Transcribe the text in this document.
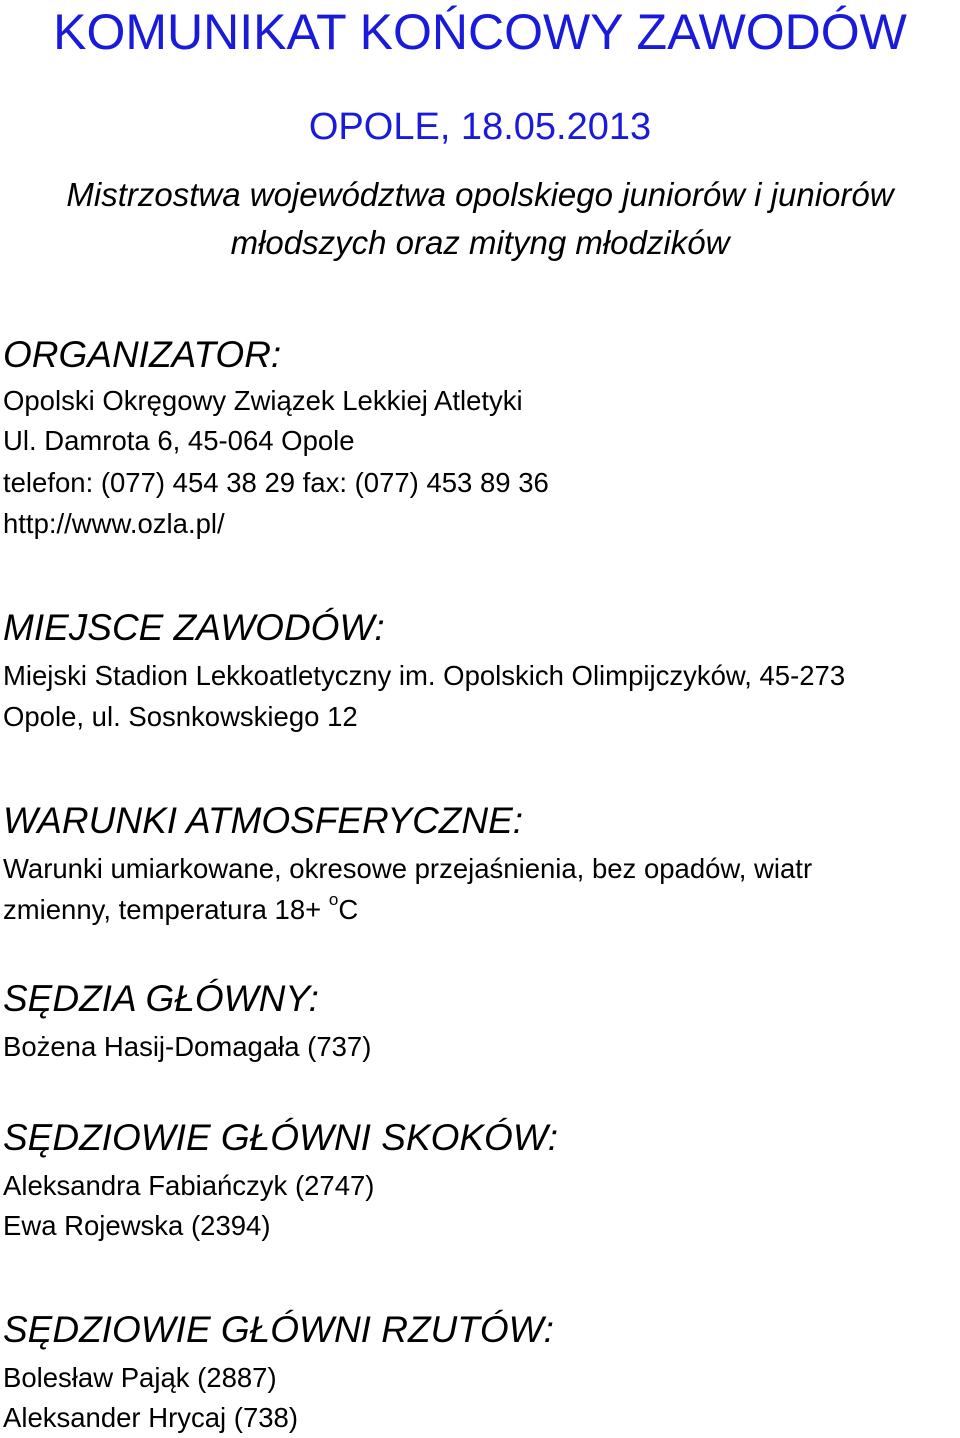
KOMUNIKAT KOŃCOWY ZAWODÓW
OPOLE, 18.05.2013
Mistrzostwa województwa opolskiego juniorów i juniorów
młodszych oraz mityng młodzików
ORGANIZATOR:
Opolski Okręgowy Związek Lekkiej Atletyki
Ul. Damrota 6, 45-064 Opole
telefon: (077) 454 38 29 fax: (077) 453 89 36
http://www.ozla.pl/
MIEJSCE ZAWODÓW:
Miejski Stadion Lekkoatletyczny im. Opolskich Olimpijczyków, 45-273
Opole, ul. Sosnkowskiego 12
WARUNKI ATMOSFERYCZNE:
Warunki umiarkowane, okresowe przejaśnienia, bez opadów, wiatr
zmienny, temperatura 18+ $^o$C
SĘDZIA GŁÓWNY:
Bożena Hasij-Domagała (737)
SĘDZIOWIE GŁÓWNI SKOKÓW:
Aleksandra Fabiańczyk (2747)
Ewa Rojewska (2394)
SĘDZIOWIE GŁÓWNI RZUTÓW:
Bolesław Pająk (2887)
Aleksander Hrycaj (738)
